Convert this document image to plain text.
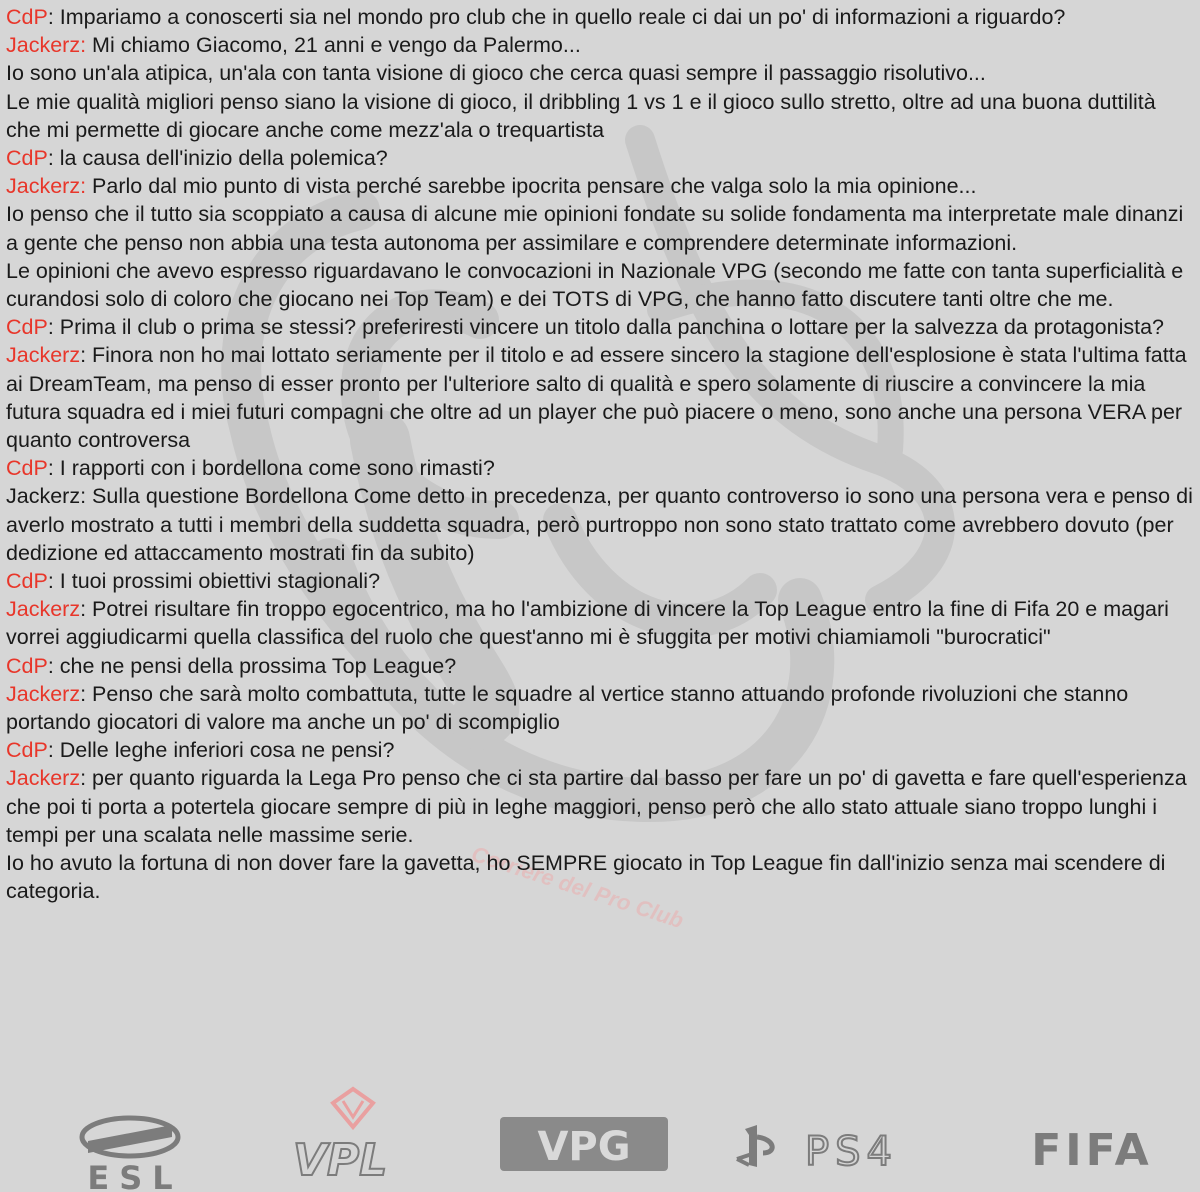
Corriere del Pro Club
CdP: Impariamo a conoscerti sia nel mondo pro club che in quello reale ci dai un po' di informazioni a riguardo?
Jackerz: Mi chiamo Giacomo, 21 anni e vengo da Palermo...
Io sono un'ala atipica, un'ala con tanta visione di gioco che cerca quasi sempre il passaggio risolutivo...
Le mie qualità migliori penso siano la visione di gioco, il dribbling 1 vs 1 e il gioco sullo stretto, oltre ad una buona duttilità che mi permette di giocare anche come mezz'ala o trequartista
CdP: la causa dell'inizio della polemica?
Jackerz: Parlo dal mio punto di vista perché sarebbe ipocrita pensare che valga solo la mia opinione...
Io penso che il tutto sia scoppiato a causa di alcune mie opinioni fondate su solide fondamenta ma interpretate male dinanzi a gente che penso non abbia una testa autonoma per assimilare e comprendere determinate informazioni.
Le opinioni che avevo espresso riguardavano le convocazioni in Nazionale VPG (secondo me fatte con tanta superficialità e curandosi solo di coloro che giocano nei Top Team) e dei TOTS di VPG, che hanno fatto discutere tanti oltre che me.
CdP: Prima il club o prima se stessi? preferiresti vincere un titolo dalla panchina o lottare per la salvezza da protagonista?
Jackerz: Finora non ho mai lottato seriamente per il titolo e ad essere sincero la stagione dell'esplosione è stata l'ultima fatta ai DreamTeam, ma penso di esser pronto per l'ulteriore salto di qualità e spero solamente di riuscire a convincere la mia futura squadra ed i miei futuri compagni che oltre ad un player che può piacere o meno, sono anche una persona VERA per quanto controversa
CdP: I rapporti con i bordellona come sono rimasti?
Jackerz: Sulla questione Bordellona Come detto in precedenza, per quanto controverso io sono una persona vera e penso di averlo mostrato a tutti i membri della suddetta squadra, però purtroppo non sono stato trattato come avrebbero dovuto (per dedizione ed attaccamento mostrati fin da subito)
CdP: I tuoi prossimi obiettivi stagionali?
Jackerz: Potrei risultare fin troppo egocentrico, ma ho l'ambizione di vincere la Top League entro la fine di Fifa 20 e magari vorrei aggiudicarmi quella classifica del ruolo che quest'anno mi è sfuggita per motivi chiamiamoli "burocratici"
CdP: che ne pensi della prossima Top League?
Jackerz: Penso che sarà molto combattuta, tutte le squadre al vertice stanno attuando profonde rivoluzioni che stanno portando giocatori di valore ma anche un po' di scompiglio
CdP: Delle leghe inferiori cosa ne pensi?
Jackerz: per quanto riguarda la Lega Pro penso che ci sta partire dal basso per fare un po' di gavetta e fare quell'esperienza che poi ti porta a potertela giocare sempre di più in leghe maggiori, penso però che allo stato attuale siano troppo lunghi i tempi per una scalata nelle massime serie.
Io ho avuto la fortuna di non dover fare la gavetta, ho SEMPRE giocato in Top League fin dall'inizio senza mai scendere di categoria.
ESL	VPL	VPG	PS4	FIFA
